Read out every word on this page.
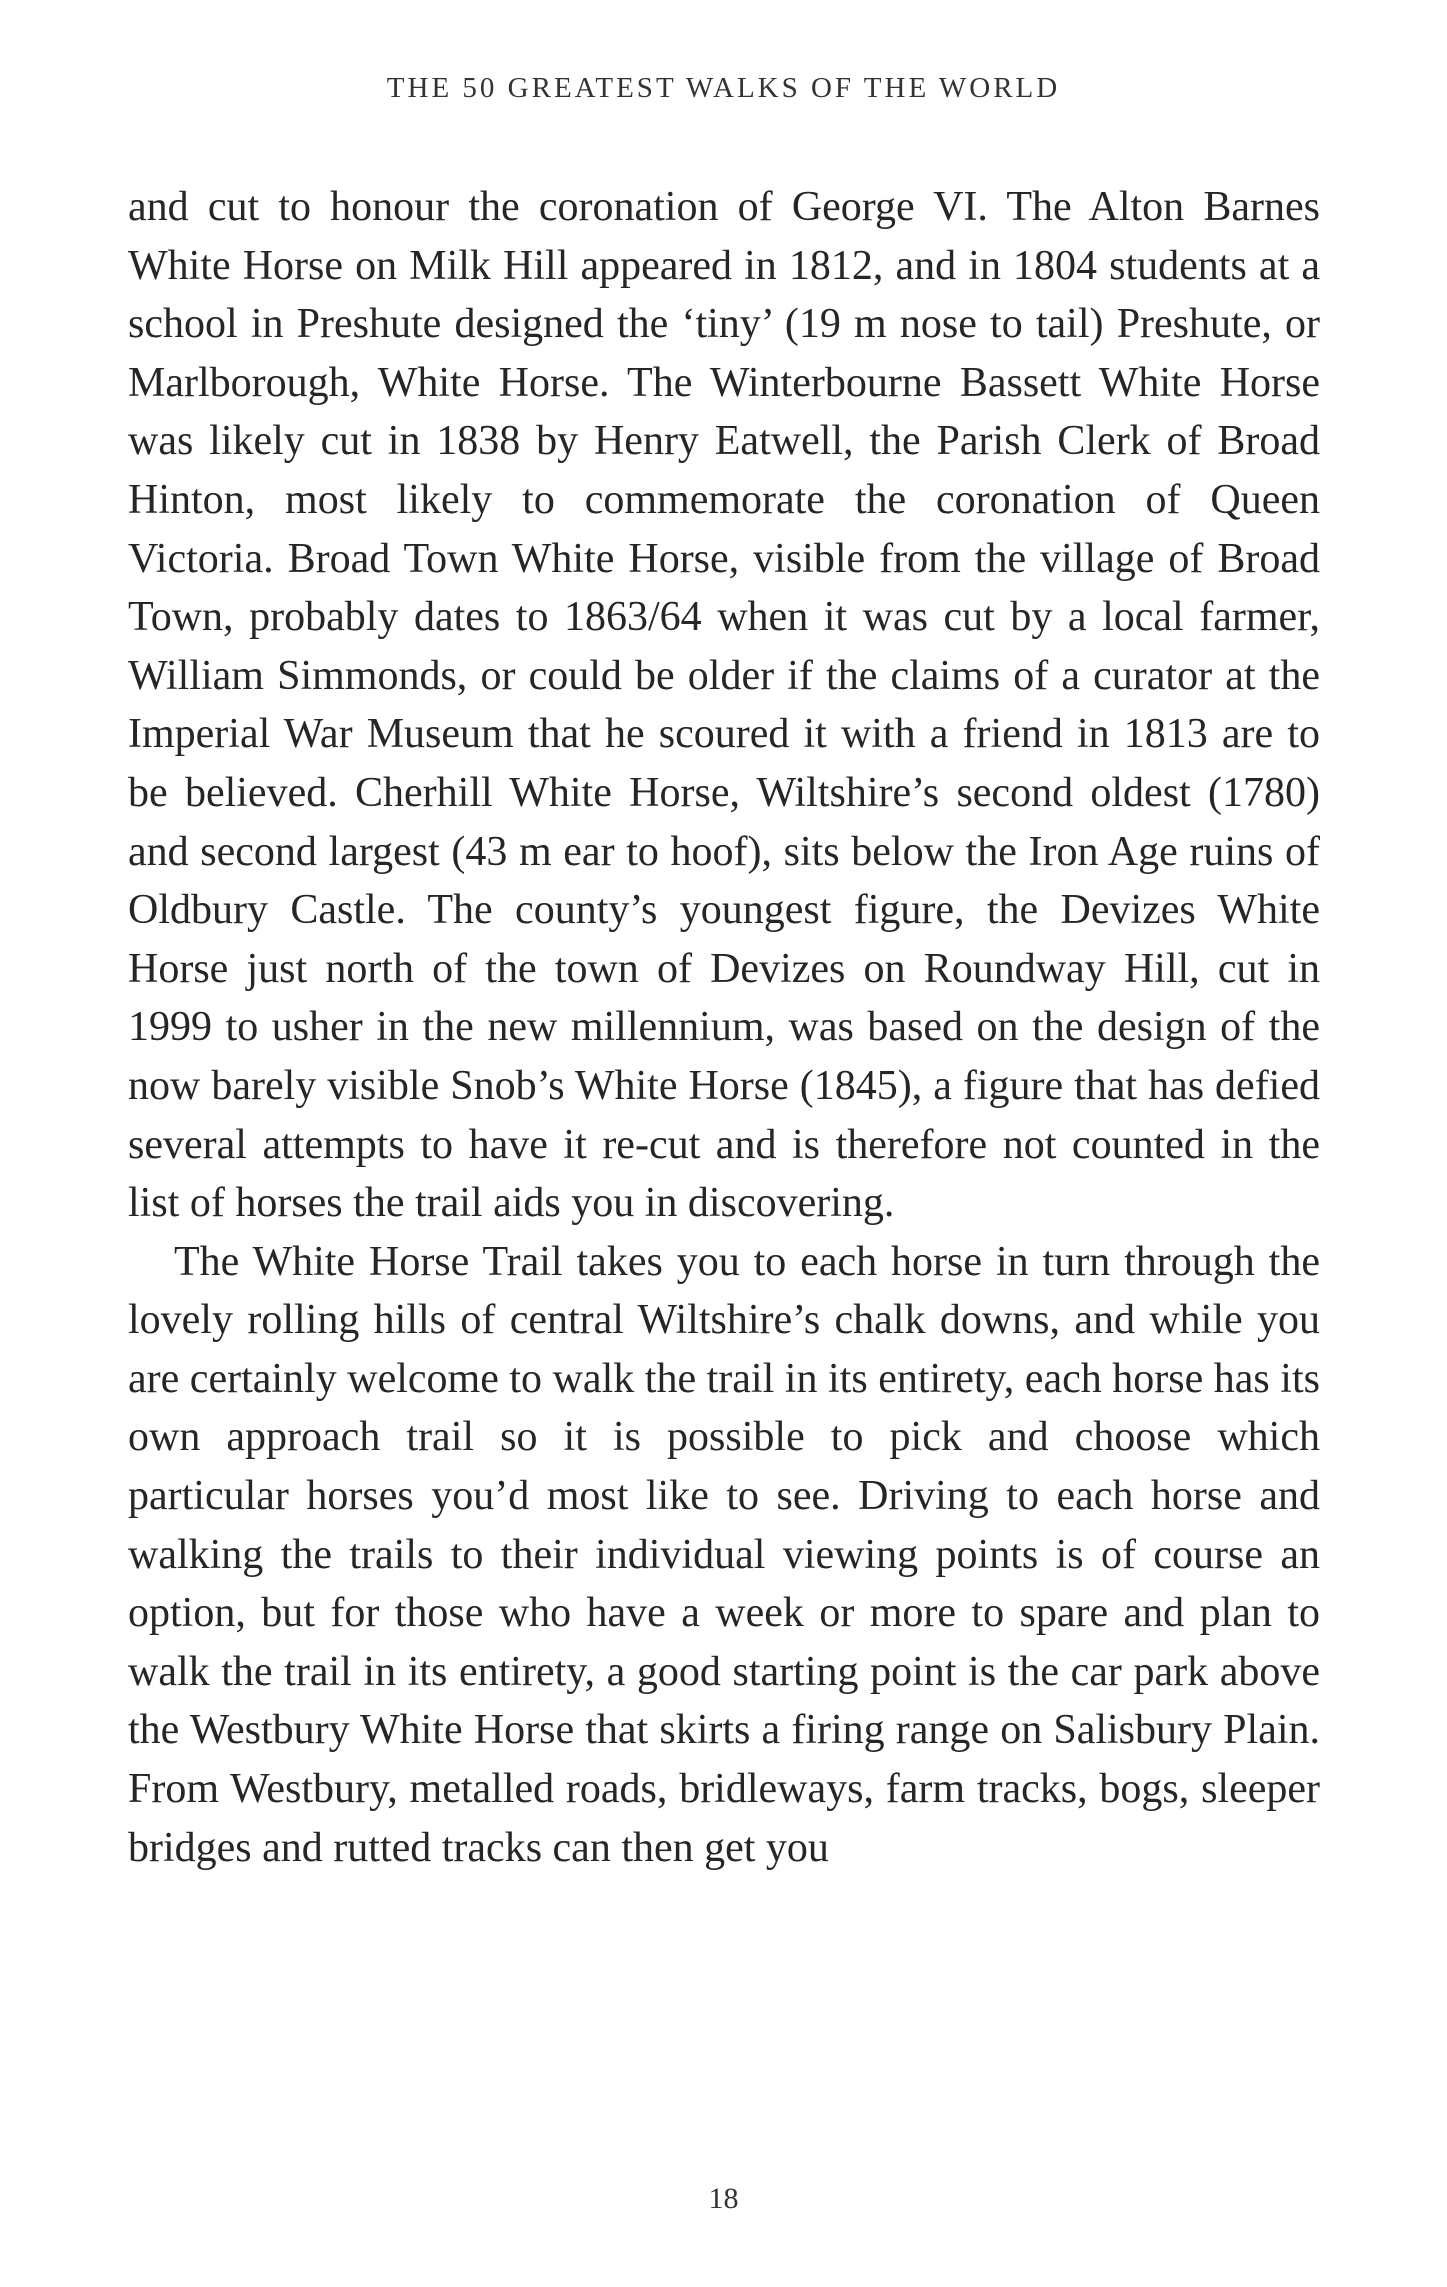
THE 50 GREATEST WALKS OF THE WORLD

and cut to honour the coronation of George VI. The Alton Barnes White Horse on Milk Hill appeared in 1812, and in 1804 students at a school in Preshute designed the ‘tiny’ (19 m nose to tail) Preshute, or Marlborough, White Horse. The Winterbourne Bassett White Horse was likely cut in 1838 by Henry Eatwell, the Parish Clerk of Broad Hinton, most likely to commemorate the coronation of Queen Victoria. Broad Town White Horse, visible from the village of Broad Town, probably dates to 1863/64 when it was cut by a local farmer, William Simmonds, or could be older if the claims of a curator at the Imperial War Museum that he scoured it with a friend in 1813 are to be believed. Cherhill White Horse, Wiltshire’s second oldest (1780) and second largest (43 m ear to hoof), sits below the Iron Age ruins of Oldbury Castle. The county’s youngest figure, the Devizes White Horse just north of the town of Devizes on Roundway Hill, cut in 1999 to usher in the new millennium, was based on the design of the now barely visible Snob’s White Horse (1845), a figure that has defied several attempts to have it re-cut and is therefore not counted in the list of horses the trail aids you in discovering.

The White Horse Trail takes you to each horse in turn through the lovely rolling hills of central Wiltshire’s chalk downs, and while you are certainly welcome to walk the trail in its entirety, each horse has its own approach trail so it is possible to pick and choose which particular horses you’d most like to see. Driving to each horse and walking the trails to their individual viewing points is of course an option, but for those who have a week or more to spare and plan to walk the trail in its entirety, a good starting point is the car park above the Westbury White Horse that skirts a firing range on Salisbury Plain. From Westbury, metalled roads, bridleways, farm tracks, bogs, sleeper bridges and rutted tracks can then get you

18
